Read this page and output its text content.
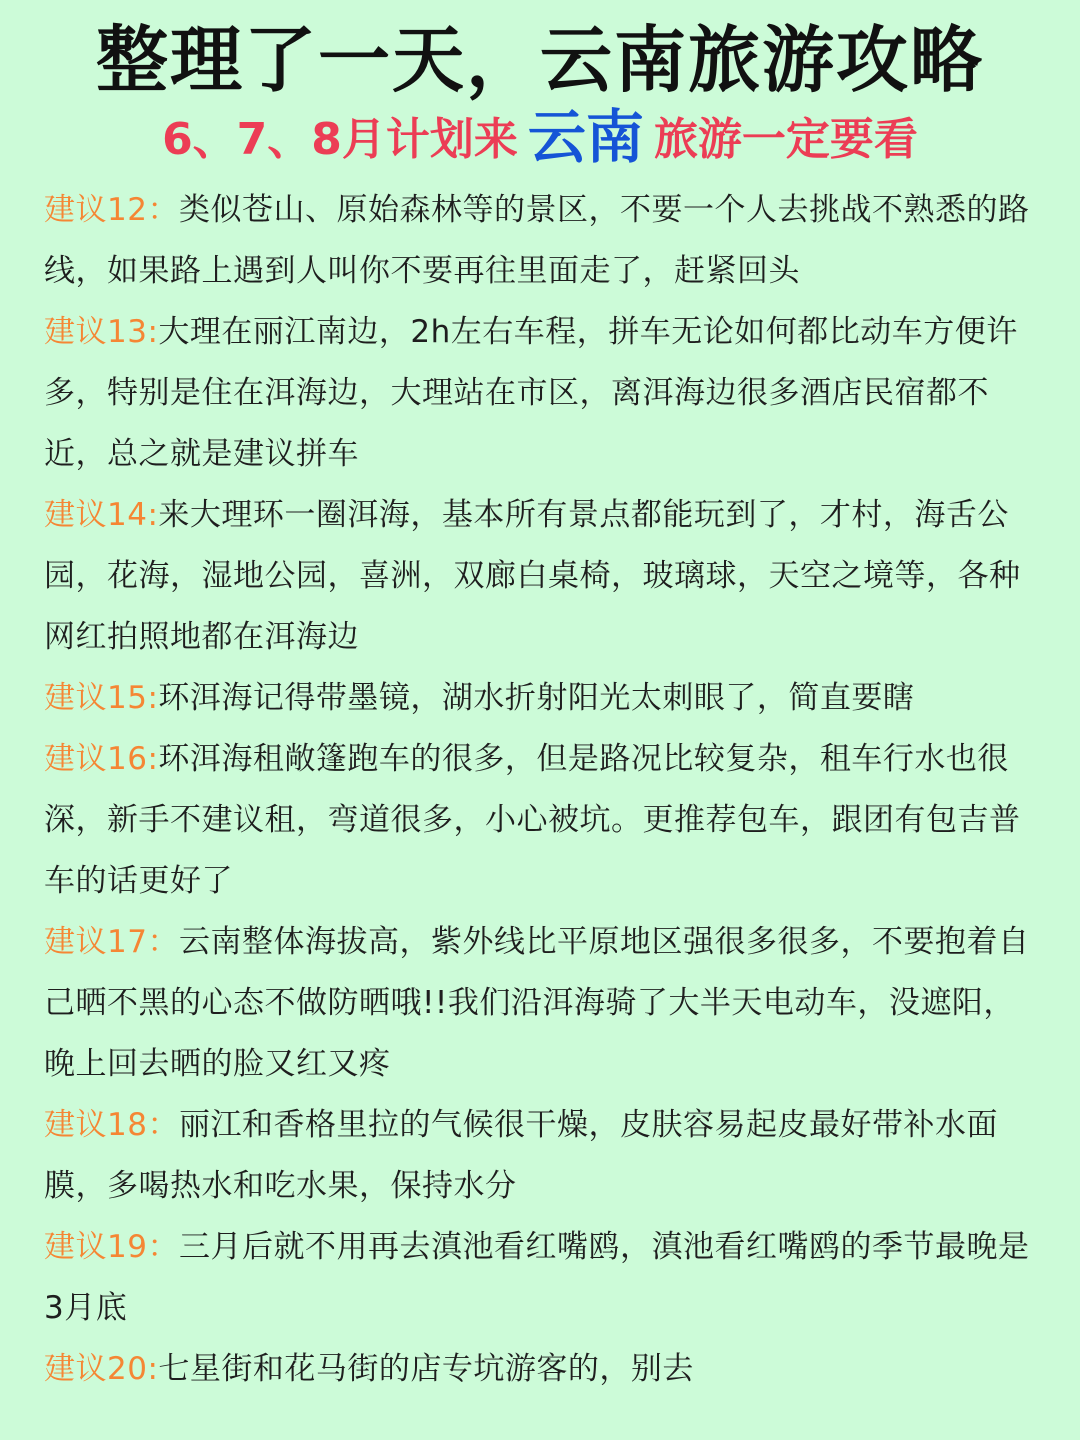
整理了一天，云南旅游攻略
6、7、8月计划来 云南 旅游一定要看

建议12：类似苍山、原始森林等的景区，不要一个人去挑战不熟悉的路线，如果路上遇到人叫你不要再往里面走了，赶紧回头

建议13:大理在丽江南边，2h左右车程，拼车无论如何都比动车方便许多，特别是住在洱海边，大理站在市区，离洱海边很多酒店民宿都不近，总之就是建议拼车

建议14:来大理环一圈洱海，基本所有景点都能玩到了，才村，海舌公园，花海，湿地公园，喜洲，双廊白桌椅，玻璃球，天空之境等，各种网红拍照地都在洱海边

建议15:环洱海记得带墨镜，湖水折射阳光太刺眼了，简直要瞎

建议16:环洱海租敞篷跑车的很多，但是路况比较复杂，租车行水也很深，新手不建议租，弯道很多，小心被坑。更推荐包车，跟团有包吉普车的话更好了

建议17：云南整体海拔高，紫外线比平原地区强很多很多，不要抱着自己晒不黑的心态不做防晒哦!!我们沿洱海骑了大半天电动车，没遮阳，晚上回去晒的脸又红又疼

建议18：丽江和香格里拉的气候很干燥，皮肤容易起皮最好带补水面膜，多喝热水和吃水果，保持水分

建议19：三月后就不用再去滇池看红嘴鸥，滇池看红嘴鸥的季节最晚是3月底

建议20:七星街和花马街的店专坑游客的，别去
